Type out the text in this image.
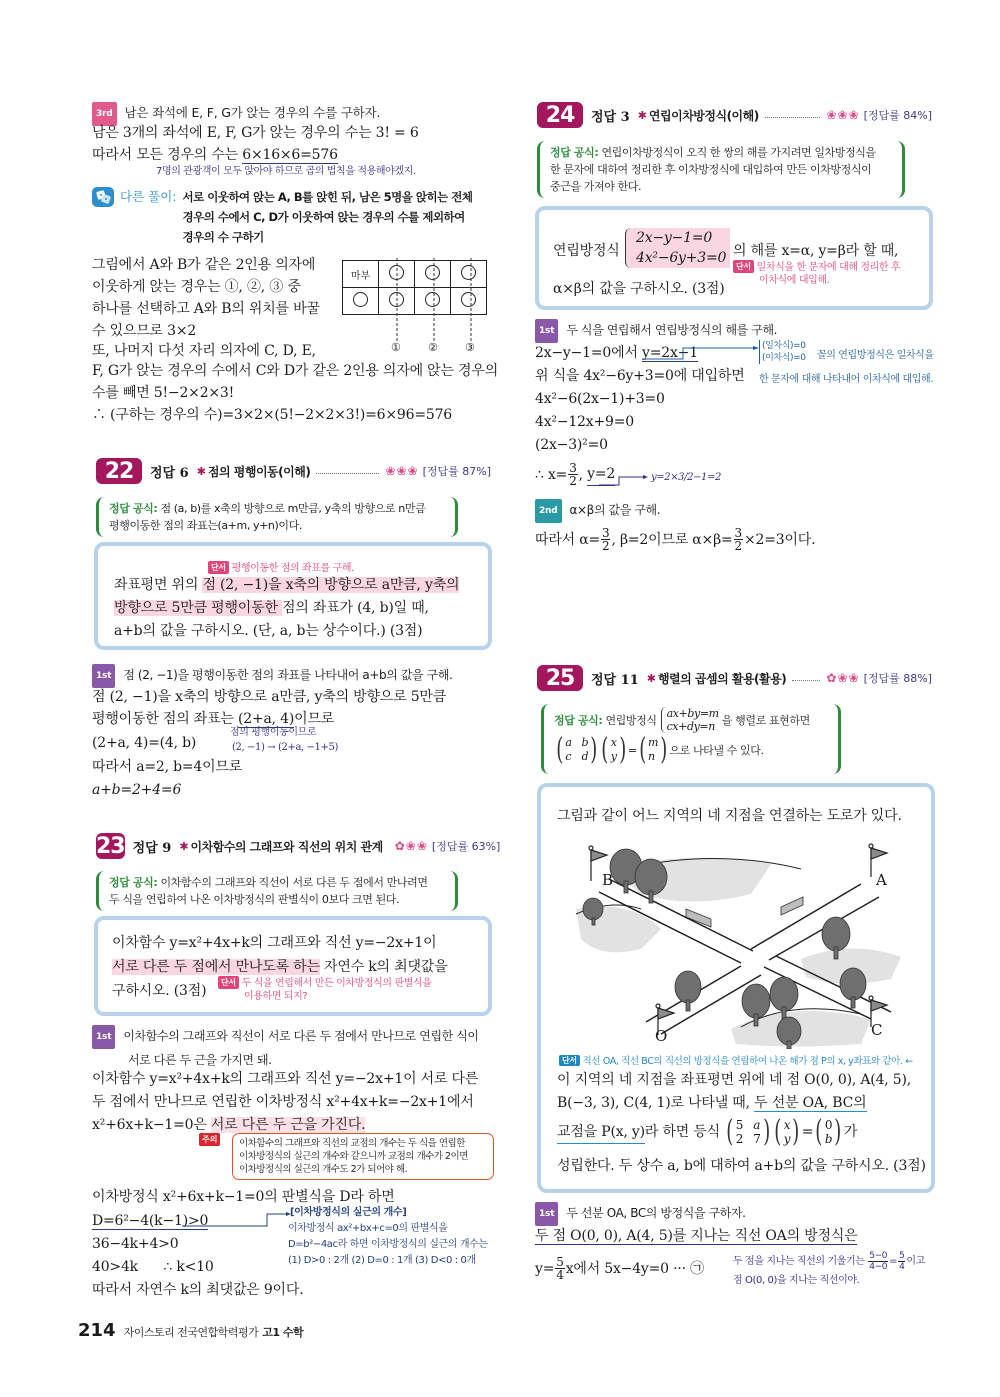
3rd 남은 좌석에 E, F, G가 앉는 경우의 수를 구하자.
남은 3개의 좌석에 E, F, G가 앉는 경우의 수는 3! = 6
따라서 모든 경우의 수는 6×16×6=576
7명의 관광객이 모두 앉아야 하므로 곱의 법칙을 적용해야겠지.
다른 풀이: 서로 이웃하여 앉는 A, B를 앉힌 뒤, 남은 5명을 앉히는 전체
경우의 수에서 C, D가 이웃하여 앉는 경우의 수를 제외하여
경우의 수 구하기
그림에서 A와 B가 같은 2인용 의자에
이웃하게 앉는 경우는 ①, ②, ③ 중
하나를 선택하고 A와 B의 위치를 바꿀
수 있으므로 3×2
또, 나머지 다섯 자리 의자에 C, D, E,
F, G가 앉는 경우의 수에서 C와 D가 같은 2인용 의자에 앉는 경우의
수를 빼면 5!−2×2×3!
∴ (구하는 경우의 수)=3×2×(5!−2×2×3!)=6×96=576
마부			

① ② ③
22	정답 6 ✱ 점의 평행이동(이해)	❀❀❀ [정답률 87%]
정답 공식: 점 (a, b)를 x축의 방향으로 m만큼, y축의 방향으로 n만큼
평행이동한 점의 좌표는(a+m, y+n)이다.
단서 평행이동한 점의 좌표를 구해.
좌표평면 위의 점 (2, −1)을 x축의 방향으로 a만큼, y축의
방향으로 5만큼 평행이동한 점의 좌표가 (4, b)일 때,
a+b의 값을 구하시오. (단, a, b는 상수이다.) (3점)
1st 점 (2, −1)을 평행이동한 점의 좌표를 나타내어 a+b의 값을 구해.
점 (2, −1)을 x축의 방향으로 a만큼, y축의 방향으로 5만큼
평행이동한 점의 좌표는 (2+a, 4)이므로
(2+a, 4)=(4, b)
점의 평행이동이므로
(2, −1) → (2+a, −1+5)
따라서 a=2, b=4이므로
a+b=2+4=6
23 정답 9 ✱ 이차함수의 그래프와 직선의 위치 관계 ✿❀❀ [정답률 63%]
정답 공식: 이차함수의 그래프와 직선이 서로 다른 두 점에서 만나려면
두 식을 연립하여 나온 이차방정식의 판별식이 0보다 크면 된다.
이차함수 y=x²+4x+k의 그래프와 직선 y=−2x+1이
서로 다른 두 점에서 만나도록 하는 자연수 k의 최댓값을
구하시오. (3점)
단서 두 식을 연립해서 만든 이차방정식의 판별식을
이용하면 되지?
1st 이차함수의 그래프와 직선이 서로 다른 두 점에서 만나므로 연립한 식이
서로 다른 두 근을 가지면 돼.
이차함수 y=x²+4x+k의 그래프와 직선 y=−2x+1이 서로 다른
두 점에서 만나므로 연립한 이차방정식 x²+4x+k=−2x+1에서
x²+6x+k−1=0은 서로 다른 두 근을 가진다.
주의	이차함수의 그래프와 직선의 교점의 개수는 두 식을 연립한
이차방정식의 실근의 개수와 같으니까 교점의 개수가 2이면
이차방정식의 실근의 개수도 2가 되어야 해.
이차방정식 x²+6x+k−1=0의 판별식을 D라 하면
D=6²−4(k−1)>0
36−4k+4>0
40>4k      ∴ k<10
따라서 자연수 k의 최댓값은 9이다.
[이차방정식의 실근의 개수]
이차방정식 ax²+bx+c=0의 판별식을
D=b²−4ac라 하면 이차방정식의 실근의 개수는
(1) D>0 : 2개 (2) D=0 : 1개 (3) D<0 : 0개
24	정답 3 ✱ 연립이차방정식(이해)	❀❀❀ [정답률 84%]
정답 공식: 연립이차방정식이 오직 한 쌍의 해를 가지려면 일차방정식을
한 문자에 대하여 정리한 후 이차방정식에 대입하여 만든 이차방정식이
중근을 가져야 한다.
연립방정식
2x−y−1=0
4x²−6y+3=0 의 해를 x=α, y=β라 할 때,
단서 일차식을 한 문자에 대해 정리한 후
이차식에 대입해.
α×β의 값을 구하시오. (3점)
1st 두 식을 연립해서 연립방정식의 해를 구해.
2x−y−1=0에서 y=2x−1
위 식을 4x²−6y+3=0에 대입하면
4x²−6(2x−1)+3=0
4x²−12x+9=0
(2x−3)²=0
∴ $x= \frac{3}{2}$ , y=2
(일차식)=0
(이차식)=0 꼴의 연립방정식은 일차식을
한 문자에 대해 나타내어 이차식에 대입해.
y=2×3/2−1=2
2nd α×β의 값을 구해.
따라서 $\alpha= \frac{3}{2}$ , β=2이므로 $\alpha\times\beta= \frac{3}{2} \times 2=3$이다.
25	정답 11 ✱ 행렬의 곱셈의 활용(활용)	✿❀❀ [정답률 88%]
정답 공식:
연립방정식 ax+by=m
cx+dy=n
을 행렬로 표현하면
( a b
c d ) ( x
y ) = ( m
n ) 으로 나타낼 수 있다.
그림과 같이 어느 지역의 네 지점을 연결하는 도로가 있다.
B	A
O	C
단서 직선 OA, 직선 BC의 직선의 방정식을 연립하여 나온 해가 점 P의 x, y좌표와 같아. ←
이 지역의 네 지점을 좌표평면 위에 네 점 O(0, 0), A(4, 5),
B(−3, 3), C(4, 1)로 나타낼 때, 두 선분 OA, BC의
교점을 P(x, y) 라 하면 등식
( 5 a
2 7 ) ( x
y ) = ( 0
b ) 가
성립한다. 두 상수 a, b에 대하여 a+b의 값을 구하시오. (3점)
1st 두 선분 OA, BC의 방정식을 구하자.
두 점 O(0, 0), A(4, 5)를 지나는 직선 OA의 방정식은
$y= \frac{5}{4}$ x에서 5x−4y=0 ··· ㉠	두 점을 지나는 직선의 기울기는
$\frac{5-0}{4-0} = \frac{5}{4}$ 이고
점 O(0, 0)을 지나는 직선이야.
214 자이스토리 전국연합학력평가 고1 수학
